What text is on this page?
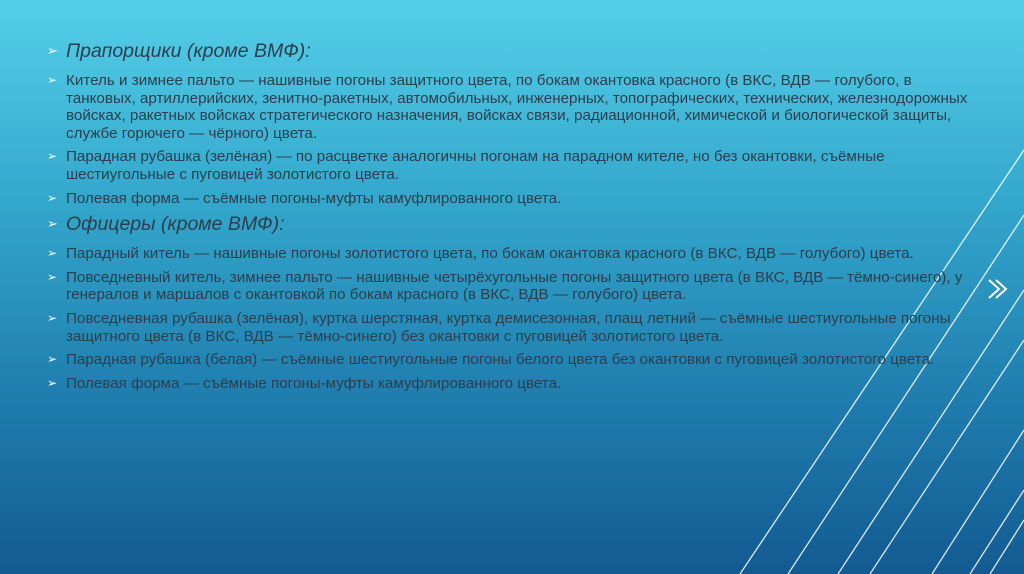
➢ Прапорщики (кроме ВМФ):
➢ Китель и зимнее пальто — нашивные погоны защитного цвета, по бокам окантовка красного (в ВКС, ВДВ — голубого, в танковых, артиллерийских, зенитно-ракетных, автомобильных, инженерных, топографических, технических, железнодорожных войсках, ракетных войсках стратегического назначения, войсках связи, радиационной, химической и биологической защиты, службе горючего — чёрного) цвета.
➢ Парадная рубашка (зелёная) — по расцветке аналогичны погонам на парадном кителе, но без окантовки, съёмные шестиугольные с пуговицей золотистого цвета.
➢ Полевая форма — съёмные погоны-муфты камуфлированного цвета.
➢ Офицеры (кроме ВМФ):
➢ Парадный китель — нашивные погоны золотистого цвета, по бокам окантовка красного (в ВКС, ВДВ — голубого) цвета.
➢ Повседневный китель, зимнее пальто — нашивные четырёхугольные погоны защитного цвета (в ВКС, ВДВ — тёмно-синего), у генералов и маршалов с окантовкой по бокам красного (в ВКС, ВДВ — голубого) цвета.
➢ Повседневная рубашка (зелёная), куртка шерстяная, куртка демисезонная, плащ летний — съёмные шестиугольные погоны защитного цвета (в ВКС, ВДВ — тёмно-синего) без окантовки с пуговицей золотистого цвета.
➢ Парадная рубашка (белая) — съёмные шестиугольные погоны белого цвета без окантовки с пуговицей золотистого цвета.
➢ Полевая форма — съёмные погоны-муфты камуфлированного цвета.
